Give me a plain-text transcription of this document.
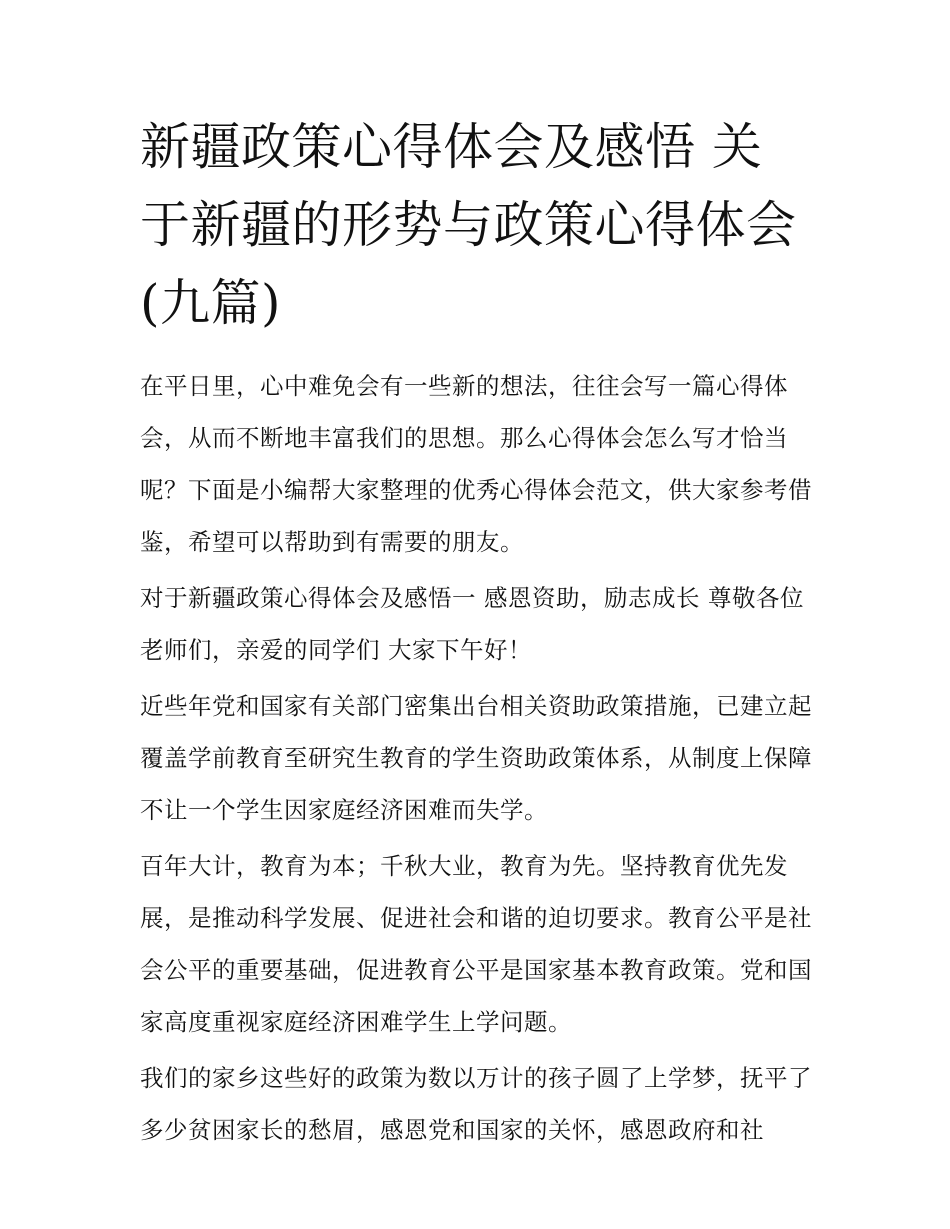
新疆政策心得体会及感悟 关于新疆的形势与政策心得体会(九篇)

在平日里，心中难免会有一些新的想法，往往会写一篇心得体会，从而不断地丰富我们的思想。那么心得体会怎么写才恰当呢？下面是小编帮大家整理的优秀心得体会范文，供大家参考借鉴，希望可以帮助到有需要的朋友。

对于新疆政策心得体会及感悟一 感恩资助，励志成长 尊敬各位老师们，亲爱的同学们 大家下午好！

近些年党和国家有关部门密集出台相关资助政策措施，已建立起覆盖学前教育至研究生教育的学生资助政策体系，从制度上保障不让一个学生因家庭经济困难而失学。

百年大计，教育为本；千秋大业，教育为先。坚持教育优先发展，是推动科学发展、促进社会和谐的迫切要求。教育公平是社会公平的重要基础，促进教育公平是国家基本教育政策。党和国家高度重视家庭经济困难学生上学问题。

我们的家乡这些好的政策为数以万计的孩子圆了上学梦，抚平了多少贫困家长的愁眉，感恩党和国家的关怀，感恩政府和社
